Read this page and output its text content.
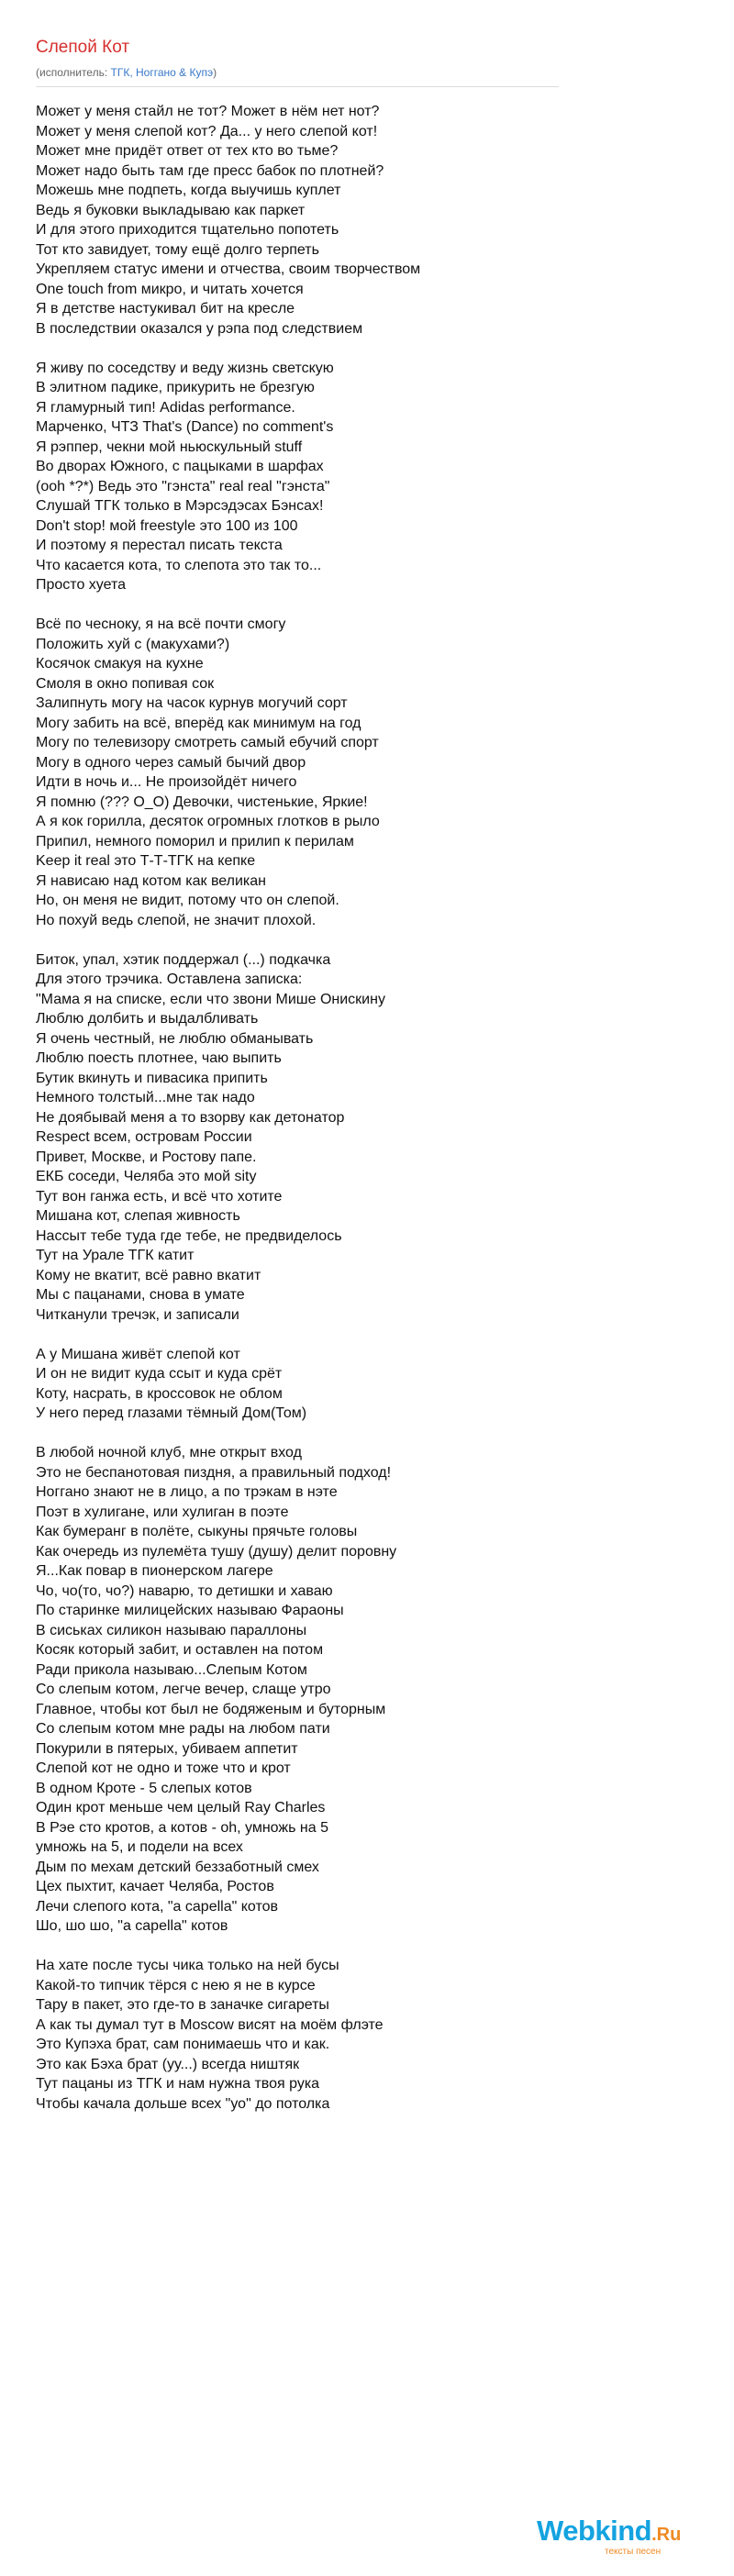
Слепой Кот
(исполнитель: ТГК, Ноггано & Купэ)
Может у меня стайл не тот? Может в нём нет нот?
Может у меня слепой кот? Да... у него слепой кот!
Может мне придёт ответ от тех кто во тьме?
Может надо быть там где пресс бабок по плотней?
Можешь мне подпеть, когда выучишь куплет
Ведь я буковки выкладываю как паркет
И для этого приходится тщательно попотеть
Тот кто завидует, тому ещё долго терпеть
Укрепляем статус имени и отчества, своим творчеством
One touch from микро, и читать хочется
Я в детстве настукивал бит на кресле
В последствии оказался у рэпа под следствием
Я живу по соседству и веду жизнь светскую
В элитном падике, прикурить не брезгую
Я гламурный тип! Adidas performance.
Марченко, ЧТЗ That's (Dance) no comment's
Я рэппер, чекни мой ньюскульный stuff
Во дворах Южного, с пацыками в шарфах
(ooh *?*) Ведь это "гэнста" real real "гэнста"
Слушай ТГК только в Мэрсэдэсах Бэнсах!
Don't stop! мой freestyle это 100 из 100
И поэтому я перестал писать текста
Что касается кота, то слепота это так то...
Просто хуета
Всё по чесноку, я на всё почти смогу
Положить хуй с (макухами?)
Косячок смакуя на кухне
Смоля в окно попивая сок
Залипнуть могу на часок курнув могучий сорт
Могу забить на всё, вперёд как минимум на год
Могу по телевизору смотреть самый ебучий спорт
Могу в одного через самый бычий двор
Идти в ночь и... Не произойдёт ничего
Я помню (??? О_О) Девочки, чистенькие, Яркие!
А я кок горилла, десяток огромных глотков в рыло
Припил, немного поморил и прилип к перилам
Keep it real это Т-Т-ТГК на кепке
Я нависаю над котом как великан
Но, он меня не видит, потому что он слепой.
Но похуй ведь слепой, не значит плохой.
Биток, упал, хэтик поддержал (...) подкачка
Для этого трэчика. Оставлена записка:
"Мама я на списке, если что звони Мише Онискину
Люблю долбить и выдалбливать
Я очень честный, не люблю обманывать
Люблю поесть плотнее, чаю выпить
Бутик вкинуть и пивасика припить
Немного толстый...мне так надо
Не доябывай меня а то взорву как детонатор
Respect всем, островам России
Привет, Москве, и Ростову папе.
ЕКБ соседи, Челяба это мой sity
Тут вон ганжа есть, и всё что хотите
Мишана кот, слепая живность
Нассыт тебе туда где тебе, не предвиделось
Тут на Урале ТГК катит
Кому не вкатит, всё равно вкатит
Мы с пацанами, снова в умате
Читканули тречэк, и записали
А у Мишана живёт слепой кот
И он не видит куда ссыт и куда срёт
Коту, насрать, в кроссовок не облом
У него перед глазами тёмный Дом(Том)
В любой ночной клуб, мне открыт вход
Это не беспанотовая пиздня, а правильный подход!
Ноггано знают не в лицо, а по трэкам в нэте
Поэт в хулигане, или хулиган в поэте
Как бумеранг в полёте, сыкуны прячьте головы
Как очередь из пулемёта тушу (душу) делит поровну
Я...Как повар в пионерском лагере
Чо, чо(то, чо?) наварю, то детишки и хаваю
По старинке милицейских называю Фараоны
В сиськах силикон называю параллоны
Косяк который забит, и оставлен на потом
Ради прикола называю...Слепым Котом
Со слепым котом, легче вечер, слаще утро
Главное, чтобы кот был не бодяженым и буторным
Со слепым котом мне рады на любом пати
Покурили в пятерых, убиваем аппетит
Слепой кот не одно и тоже что и крот
В одном Кроте - 5 слепых котов
Один крот меньше чем целый Ray Charles
В Рэе сто кротов, а котов - oh, умножь на 5
умножь на 5, и подели на всех
Дым по мехам детский беззаботный смех
Цех пыхтит, качает Челяба, Ростов
Лечи слепого кота, "a capella" котов
Шо, шо шо, "a capella" котов
На хате после тусы чика только на ней бусы
Какой-то типчик тёрся с нею я не в курсе
Тару в пакет, это где-то в заначке сигареты
А как ты думал тут в Moscow висят на моём флэте
Это Купэха брат, сам понимаешь что и как.
Это как Бэха брат (уу...) всегда ништяк
Тут пацаны из ТГК и нам нужна твоя рука
Чтобы качала дольше всех "уо" до потолка
Webkind.Ru
тексты песен
